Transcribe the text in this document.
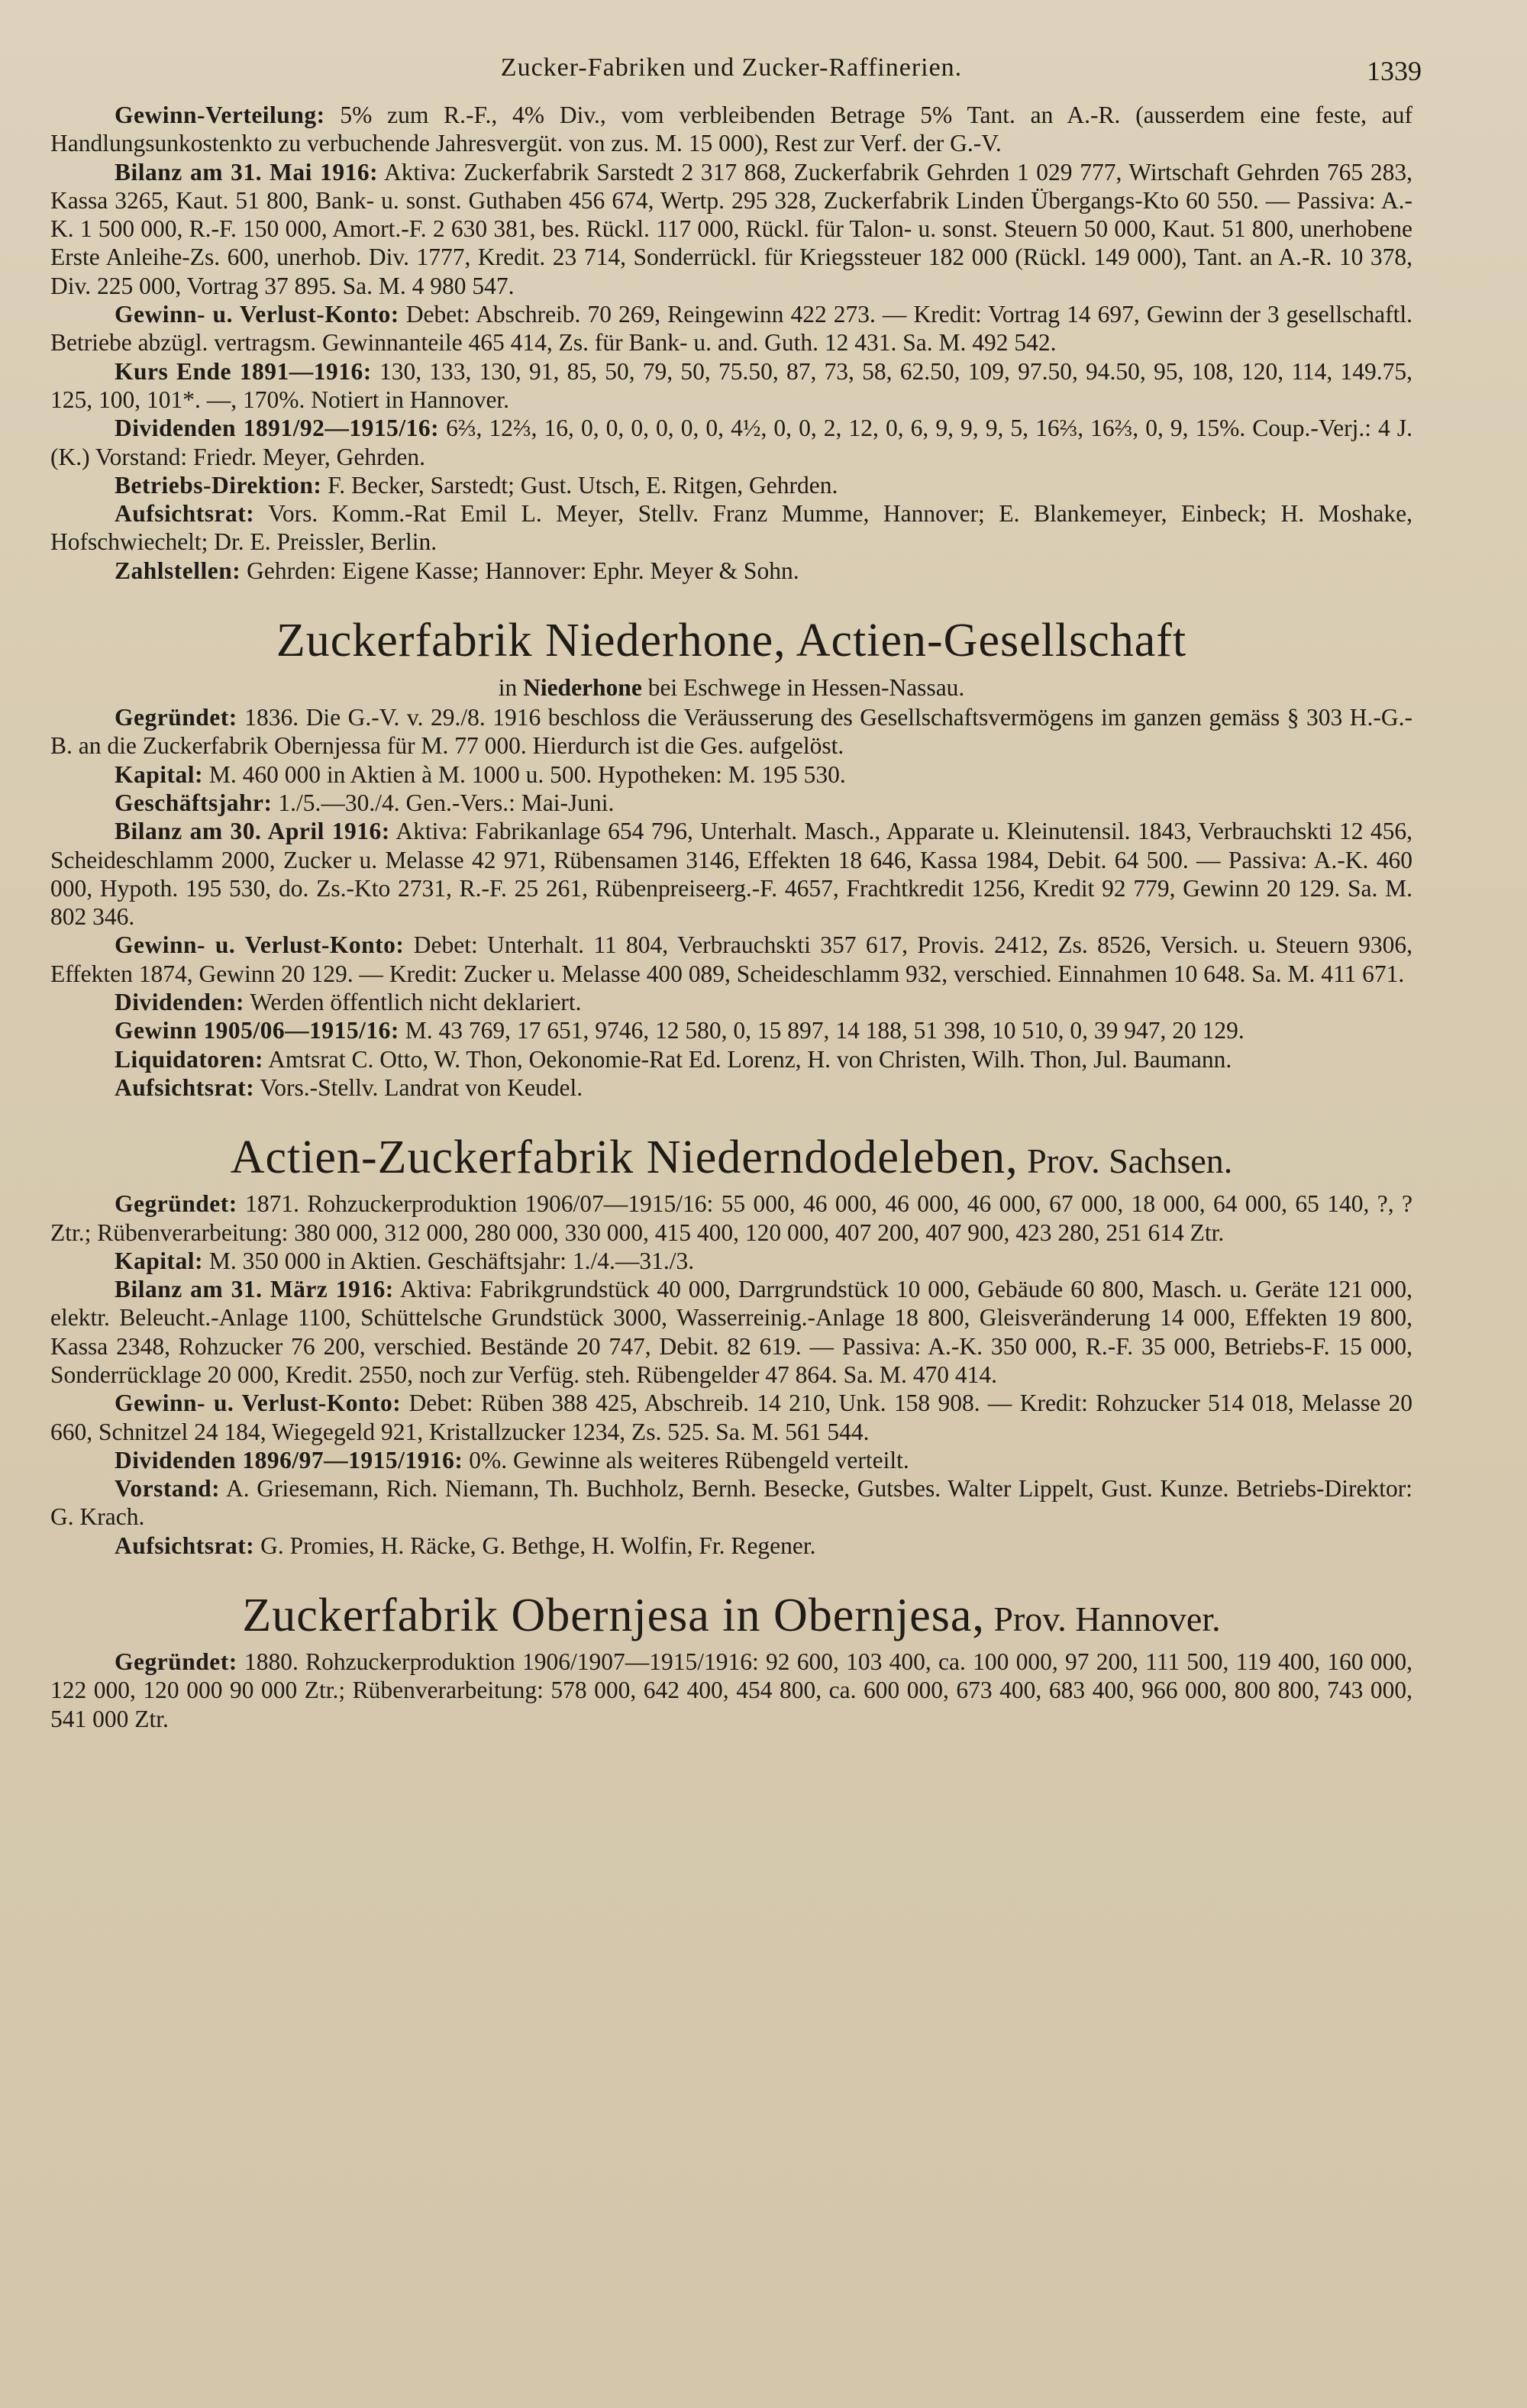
Zucker-Fabriken und Zucker-Raffinerien.	1339

Gewinn-Verteilung: 5% zum R.-F., 4% Div., vom verbleibenden Betrage 5% Tant. an A.-R. (ausserdem eine feste, auf Handlungsunkostenkto zu verbuchende Jahresvergüt. von zus. M. 15 000), Rest zur Verf. der G.-V.

Bilanz am 31. Mai 1916: Aktiva: Zuckerfabrik Sarstedt 2 317 868, Zuckerfabrik Gehrden 1 029 777, Wirtschaft Gehrden 765 283, Kassa 3265, Kaut. 51 800, Bank- u. sonst. Guthaben 456 674, Wertp. 295 328, Zuckerfabrik Linden Übergangs-Kto 60 550. — Passiva: A.-K. 1 500 000, R.-F. 150 000, Amort.-F. 2 630 381, bes. Rückl. 117 000, Rückl. für Talon- u. sonst. Steuern 50 000, Kaut. 51 800, unerhobene Erste Anleihe-Zs. 600, unerhob. Div. 1777, Kredit. 23 714, Sonderrückl. für Kriegssteuer 182 000 (Rückl. 149 000), Tant. an A.-R. 10 378, Div. 225 000, Vortrag 37 895. Sa. M. 4 980 547.

Gewinn- u. Verlust-Konto: Debet: Abschreib. 70 269, Reingewinn 422 273. — Kredit: Vortrag 14 697, Gewinn der 3 gesellschaftl. Betriebe abzügl. vertragsm. Gewinnanteile 465 414, Zs. für Bank- u. and. Guth. 12 431. Sa. M. 492 542.

Kurs Ende 1891—1916: 130, 133, 130, 91, 85, 50, 79, 50, 75.50, 87, 73, 58, 62.50, 109, 97.50, 94.50, 95, 108, 120, 114, 149.75, 125, 100, 101*. —, 170%. Notiert in Hannover.

Dividenden 1891/92—1915/16: 6⅔, 12⅔, 16, 0, 0, 0, 0, 0, 0, 4½, 0, 0, 2, 12, 0, 6, 9, 9, 9, 5, 16⅔, 16⅔, 0, 9, 15%. Coup.-Verj.: 4 J. (K.) Vorstand: Friedr. Meyer, Gehrden.

Betriebs-Direktion: F. Becker, Sarstedt; Gust. Utsch, E. Ritgen, Gehrden.

Aufsichtsrat: Vors. Komm.-Rat Emil L. Meyer, Stellv. Franz Mumme, Hannover; E. Blankemeyer, Einbeck; H. Moshake, Hofschwiechelt; Dr. E. Preissler, Berlin.

Zahlstellen: Gehrden: Eigene Kasse; Hannover: Ephr. Meyer & Sohn.

Zuckerfabrik Niederhone, Actien-Gesellschaft

in Niederhone bei Eschwege in Hessen-Nassau.

Gegründet: 1836. Die G.-V. v. 29./8. 1916 beschloss die Veräusserung des Gesellschaftsvermögens im ganzen gemäss § 303 H.-G.-B. an die Zuckerfabrik Obernjessa für M. 77 000. Hierdurch ist die Ges. aufgelöst.

Kapital: M. 460 000 in Aktien à M. 1000 u. 500. Hypotheken: M. 195 530.

Geschäftsjahr: 1./5.—30./4. Gen.-Vers.: Mai-Juni.

Bilanz am 30. April 1916: Aktiva: Fabrikanlage 654 796, Unterhalt. Masch., Apparate u. Kleinutensil. 1843, Verbrauchskti 12 456, Scheideschlamm 2000, Zucker u. Melasse 42 971, Rübensamen 3146, Effekten 18 646, Kassa 1984, Debit. 64 500. — Passiva: A.-K. 460 000, Hypoth. 195 530, do. Zs.-Kto 2731, R.-F. 25 261, Rübenpreiseerg.-F. 4657, Frachtkredit 1256, Kredit 92 779, Gewinn 20 129. Sa. M. 802 346.

Gewinn- u. Verlust-Konto: Debet: Unterhalt. 11 804, Verbrauchskti 357 617, Provis. 2412, Zs. 8526, Versich. u. Steuern 9306, Effekten 1874, Gewinn 20 129. — Kredit: Zucker u. Melasse 400 089, Scheideschlamm 932, verschied. Einnahmen 10 648. Sa. M. 411 671.

Dividenden: Werden öffentlich nicht deklariert.

Gewinn 1905/06—1915/16: M. 43 769, 17 651, 9746, 12 580, 0, 15 897, 14 188, 51 398, 10 510, 0, 39 947, 20 129.

Liquidatoren: Amtsrat C. Otto, W. Thon, Oekonomie-Rat Ed. Lorenz, H. von Christen, Wilh. Thon, Jul. Baumann.

Aufsichtsrat: Vors.-Stellv. Landrat von Keudel.

Actien-Zuckerfabrik Niederndodeleben, Prov. Sachsen.

Gegründet: 1871. Rohzuckerproduktion 1906/07—1915/16: 55 000, 46 000, 46 000, 46 000, 67 000, 18 000, 64 000, 65 140, ?, ? Ztr.; Rübenverarbeitung: 380 000, 312 000, 280 000, 330 000, 415 400, 120 000, 407 200, 407 900, 423 280, 251 614 Ztr.

Kapital: M. 350 000 in Aktien. Geschäftsjahr: 1./4.—31./3.

Bilanz am 31. März 1916: Aktiva: Fabrikgrundstück 40 000, Darrgrundstück 10 000, Gebäude 60 800, Masch. u. Geräte 121 000, elektr. Beleucht.-Anlage 1100, Schüttelsche Grundstück 3000, Wasserreinig.-Anlage 18 800, Gleisveränderung 14 000, Effekten 19 800, Kassa 2348, Rohzucker 76 200, verschied. Bestände 20 747, Debit. 82 619. — Passiva: A.-K. 350 000, R.-F. 35 000, Betriebs-F. 15 000, Sonderrücklage 20 000, Kredit. 2550, noch zur Verfüg. steh. Rübengelder 47 864. Sa. M. 470 414.

Gewinn- u. Verlust-Konto: Debet: Rüben 388 425, Abschreib. 14 210, Unk. 158 908. — Kredit: Rohzucker 514 018, Melasse 20 660, Schnitzel 24 184, Wiegegeld 921, Kristallzucker 1234, Zs. 525. Sa. M. 561 544.

Dividenden 1896/97—1915/1916: 0%. Gewinne als weiteres Rübengeld verteilt.

Vorstand: A. Griesemann, Rich. Niemann, Th. Buchholz, Bernh. Besecke, Gutsbes. Walter Lippelt, Gust. Kunze. Betriebs-Direktor: G. Krach.

Aufsichtsrat: G. Promies, H. Räcke, G. Bethge, H. Wolfin, Fr. Regener.

Zuckerfabrik Obernjesa in Obernjesa, Prov. Hannover.

Gegründet: 1880. Rohzuckerproduktion 1906/1907—1915/1916: 92 600, 103 400, ca. 100 000, 97 200, 111 500, 119 400, 160 000, 122 000, 120 000 90 000 Ztr.; Rübenverarbeitung: 578 000, 642 400, 454 800, ca. 600 000, 673 400, 683 400, 966 000, 800 800, 743 000, 541 000 Ztr.
